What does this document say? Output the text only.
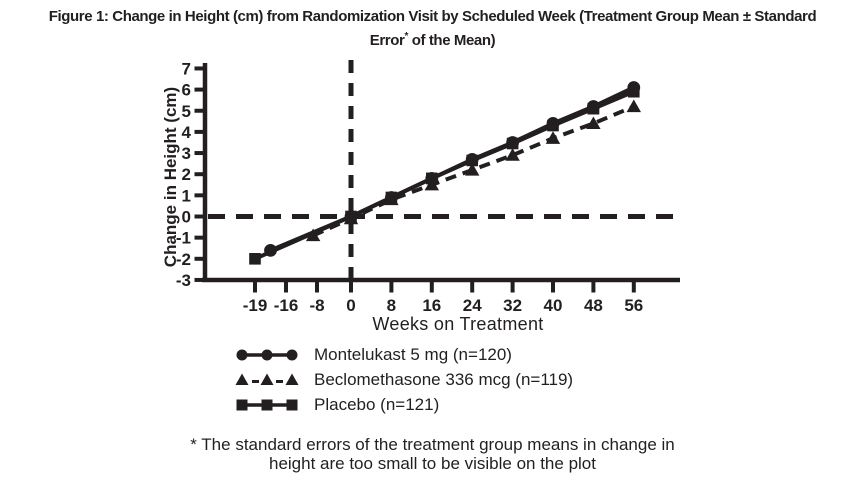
Figure 1: Change in Height (cm) from Randomization Visit by Scheduled Week (Treatment Group Mean ± Standard
Error* of the Mean)
7
6
5
4
3
2
1
0
-1
-2
-3
-19 -16 -8 0 8 16 24 32 40 48 56
Weeks on Treatment
Change in Height (cm)
Montelukast 5 mg (n=120)
Beclomethasone 336 mcg (n=119)
Placebo (n=121)
* The standard errors of the treatment group means in change in
height are too small to be visible on the plot
